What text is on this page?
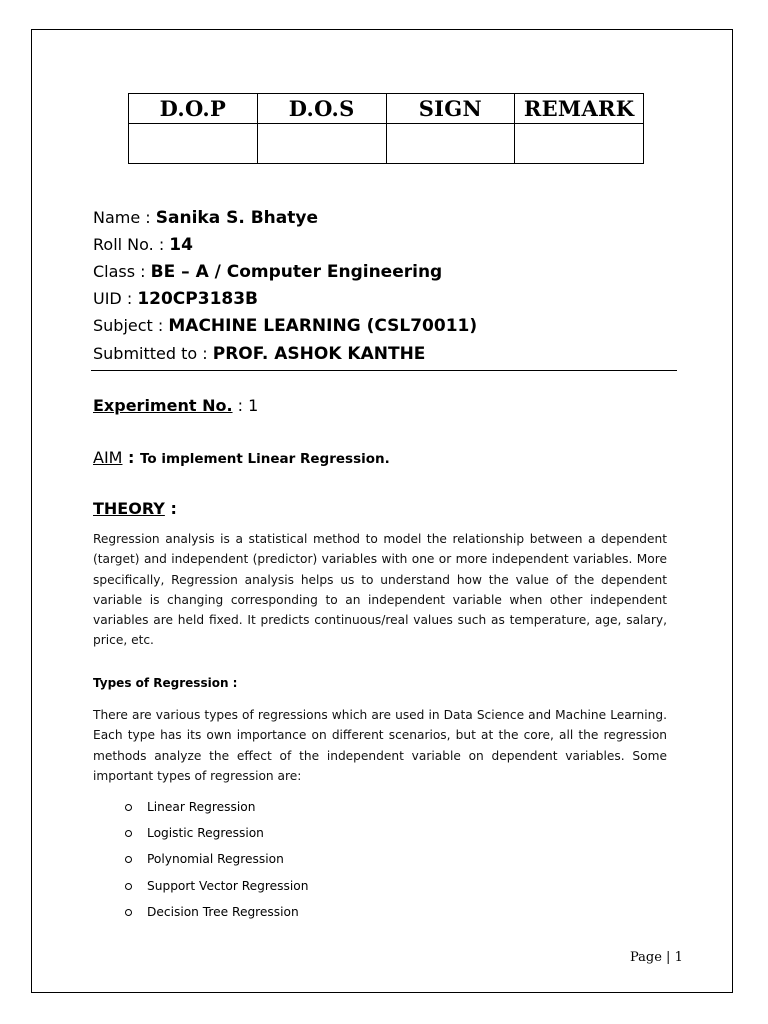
D.O.P	D.O.S	SIGN	REMARK

Name : Sanika S. Bhatye
Roll No. : 14
Class : BE – A / Computer Engineering
UID : 120CP3183B
Subject : MACHINE LEARNING (CSL70011)
Submitted to : PROF. ASHOK KANTHE
Experiment No. : 1
AIM : To implement Linear Regression.
THEORY :
Regression analysis is a statistical method to model the relationship between a dependent (target) and independent (predictor) variables with one or more independent variables. More specifically, Regression analysis helps us to understand how the value of the dependent variable is changing corresponding to an independent variable when other independent variables are held fixed. It predicts continuous/real values such as temperature, age, salary, price, etc.
Types of Regression :
There are various types of regressions which are used in Data Science and Machine Learning. Each type has its own importance on different scenarios, but at the core, all the regression methods analyze the effect of the independent variable on dependent variables. Some important types of regression are:
Linear Regression
Logistic Regression
Polynomial Regression
Support Vector Regression
Decision Tree Regression
Page | 1
